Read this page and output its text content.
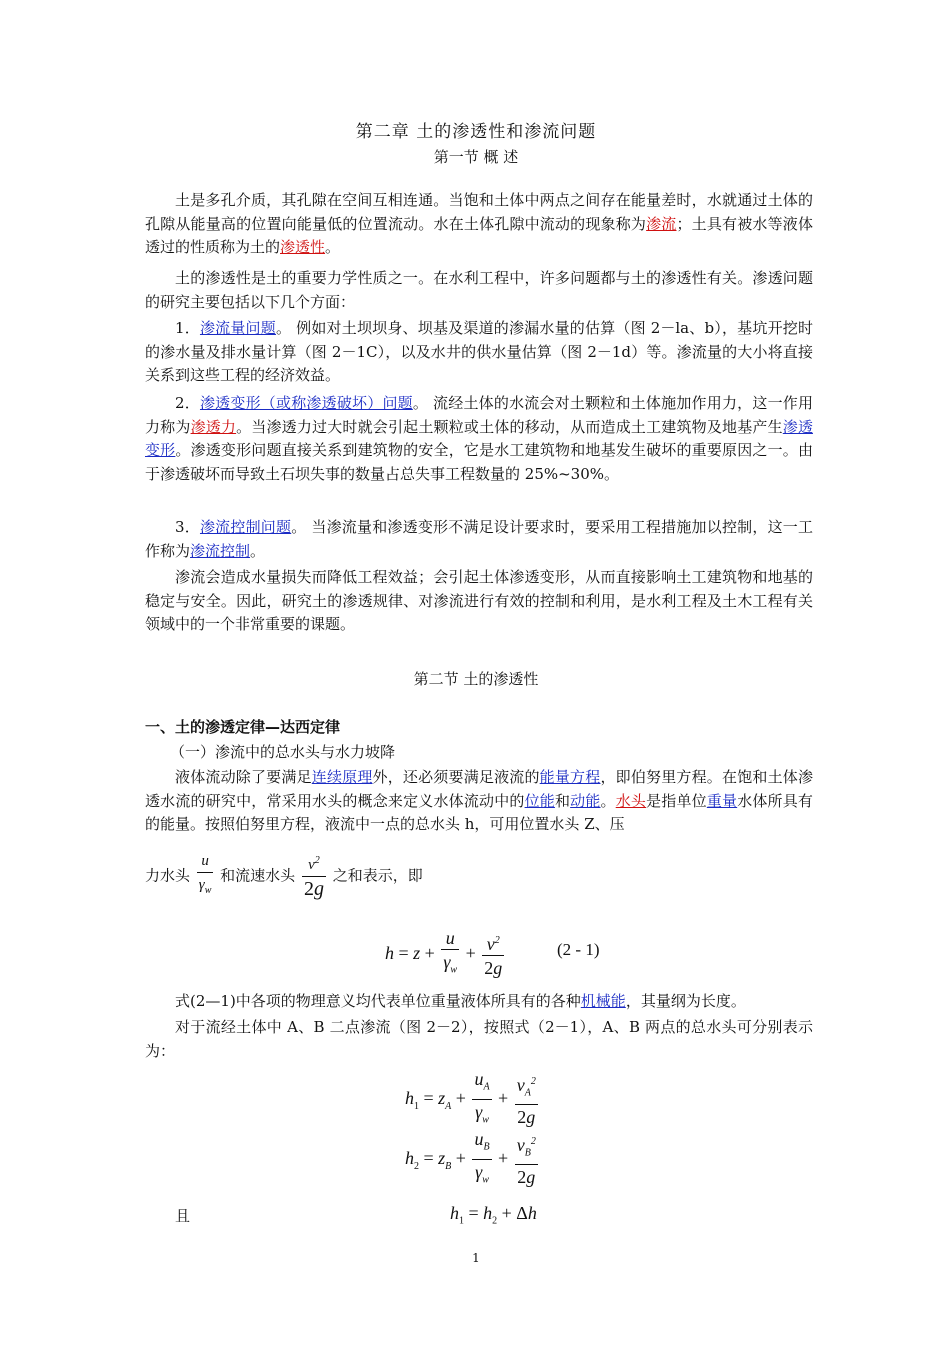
第二章 土的渗透性和渗流问题
第一节 概 述

土是多孔介质，其孔隙在空间互相连通。当饱和土体中两点之间存在能量差时，水就通过土体的孔隙从能量高的位置向能量低的位置流动。水在土体孔隙中流动的现象称为渗流；土具有被水等液体透过的性质称为土的渗透性。

土的渗透性是土的重要力学性质之一。在水利工程中，许多问题都与土的渗透性有关。渗透问题的研究主要包括以下几个方面：

1．渗流量问题。 例如对土坝坝身、坝基及渠道的渗漏水量的估算（图 2－la、b），基坑开挖时的渗水量及排水量计算（图 2－1C），以及水井的供水量估算（图 2－1d）等。渗流量的大小将直接关系到这些工程的经济效益。

2．渗透变形（或称渗透破坏）问题。 流经土体的水流会对土颗粒和土体施加作用力，这一作用力称为渗透力。当渗透力过大时就会引起土颗粒或土体的移动，从而造成土工建筑物及地基产生渗透变形。渗透变形问题直接关系到建筑物的安全，它是水工建筑物和地基发生破坏的重要原因之一。由于渗透破坏而导致土石坝失事的数量占总失事工程数量的 25%~30%。

3．渗流控制问题。 当渗流量和渗透变形不满足设计要求时，要采用工程措施加以控制，这一工作称为渗流控制。

渗流会造成水量损失而降低工程效益；会引起土体渗透变形，从而直接影响土工建筑物和地基的稳定与安全。因此，研究土的渗透规律、对渗流进行有效的控制和利用，是水利工程及土木工程有关领域中的一个非常重要的课题。

第二节 土的渗透性
一、土的渗透定律—达西定律
（一）渗流中的总水头与水力坡降

液体流动除了要满足连续原理外，还必须要满足液流的能量方程，即伯努里方程。在饱和土体渗透水流的研究中，常采用水头的概念来定义水体流动中的位能和动能。水头是指单位重量水体所具有的能量。按照伯努里方程，液流中一点的总水头 h，可用位置水头 Z、压

力水头 $\frac{u}{\gamma_w}$ 和流速水头 $\frac{v^2}{2g}$ 之和表示，即
$h = z + \frac{u}{\gamma_w} + \frac{v^2}{2g}$	(2 - 1)

式(2—1)中各项的物理意义均代表单位重量液体所具有的各种机械能，其量纲为长度。

对于流经土体中 A、B 二点渗流（图 2－2），按照式（2－1），A、B 两点的总水头可分别表示为：

$h_1 = z_A + \frac{u_A}{\gamma_w} + \frac{v_A^2}{2g}$
$h_2 = z_B + \frac{u_B}{\gamma_w} + \frac{v_B^2}{2g}$
且	$h_1 = h_2 + \Delta h$
1
